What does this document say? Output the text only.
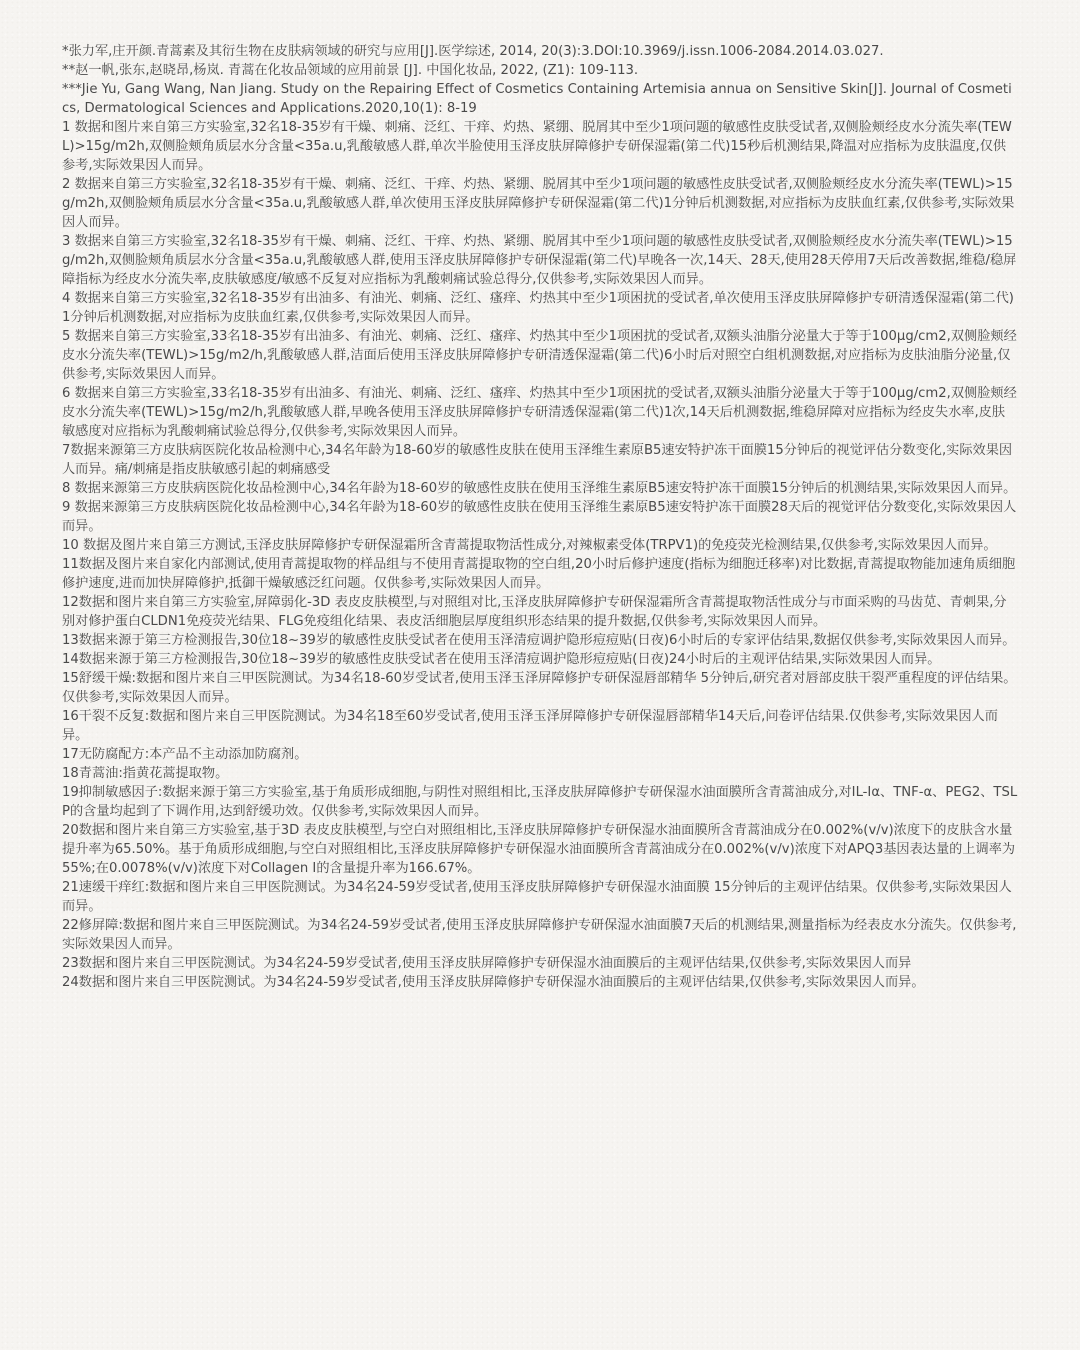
*张力军,庄开颜.青蒿素及其衍生物在皮肤病领域的研究与应用[J].医学综述, 2014, 20(3):3.DOI:10.3969/j.issn.1006-2084.2014.03.027.

**赵一帆,张东,赵晓昂,杨岚. 青蒿在化妆品领域的应用前景 [J]. 中国化妆品, 2022, (Z1): 109-113.

***Jie Yu, Gang Wang, Nan Jiang. Study on the Repairing Effect of Cosmetics Containing Artemisia annua on Sensitive Skin[J]. Journal of Cosmetics, Dermatological Sciences and Applications.2020,10(1): 8-19

1 数据和图片来自第三方实验室,32名18-35岁有干燥、刺痛、泛红、干痒、灼热、紧绷、脱屑其中至少1项问题的敏感性皮肤受试者,双侧脸颊经皮水分流失率(TEWL)>15g/m2h,双侧脸颊角质层水分含量<35a.u,乳酸敏感人群,单次半脸使用玉泽皮肤屏障修护专研保湿霜(第二代)15秒后机测结果,降温对应指标为皮肤温度,仅供参考,实际效果因人而异。

2 数据来自第三方实验室,32名18-35岁有干燥、刺痛、泛红、干痒、灼热、紧绷、脱屑其中至少1项问题的敏感性皮肤受试者,双侧脸颊经皮水分流失率(TEWL)>15g/m2h,双侧脸颊角质层水分含量<35a.u,乳酸敏感人群,单次使用玉泽皮肤屏障修护专研保湿霜(第二代)1分钟后机测数据,对应指标为皮肤血红素,仅供参考,实际效果因人而异。

3 数据来自第三方实验室,32名18-35岁有干燥、刺痛、泛红、干痒、灼热、紧绷、脱屑其中至少1项问题的敏感性皮肤受试者,双侧脸颊经皮水分流失率(TEWL)>15g/m2h,双侧脸颊角质层水分含量<35a.u,乳酸敏感人群,使用玉泽皮肤屏障修护专研保湿霜(第二代)早晚各一次,14天、28天,使用28天停用7天后改善数据,维稳/稳屏障指标为经皮水分流失率,皮肤敏感度/敏感不反复对应指标为乳酸刺痛试验总得分,仅供参考,实际效果因人而异。

4 数据来自第三方实验室,32名18-35岁有出油多、有油光、刺痛、泛红、瘙痒、灼热其中至少1项困扰的受试者,单次使用玉泽皮肤屏障修护专研清透保湿霜(第二代)1分钟后机测数据,对应指标为皮肤血红素,仅供参考,实际效果因人而异。

5 数据来自第三方实验室,33名18-35岁有出油多、有油光、刺痛、泛红、瘙痒、灼热其中至少1项困扰的受试者,双额头油脂分泌量大于等于100μg/cm2,双侧脸颊经皮水分流失率(TEWL)>15g/m2/h,乳酸敏感人群,洁面后使用玉泽皮肤屏障修护专研清透保湿霜(第二代)6小时后对照空白组机测数据,对应指标为皮肤油脂分泌量,仅供参考,实际效果因人而异。

6 数据来自第三方实验室,33名18-35岁有出油多、有油光、刺痛、泛红、瘙痒、灼热其中至少1项困扰的受试者,双额头油脂分泌量大于等于100μg/cm2,双侧脸颊经皮水分流失率(TEWL)>15g/m2/h,乳酸敏感人群,早晚各使用玉泽皮肤屏障修护专研清透保湿霜(第二代)1次,14天后机测数据,维稳屏障对应指标为经皮失水率,皮肤敏感度对应指标为乳酸刺痛试验总得分,仅供参考,实际效果因人而异。

7数据来源第三方皮肤病医院化妆品检测中心,34名年龄为18-60岁的敏感性皮肤在使用玉泽维生素原B5速安特护冻干面膜15分钟后的视觉评估分数变化,实际效果因人而异。痛/刺痛是指皮肤敏感引起的刺痛感受

8 数据来源第三方皮肤病医院化妆品检测中心,34名年龄为18-60岁的敏感性皮肤在使用玉泽维生素原B5速安特护冻干面膜15分钟后的机测结果,实际效果因人而异。

9 数据来源第三方皮肤病医院化妆品检测中心,34名年龄为18-60岁的敏感性皮肤在使用玉泽维生素原B5速安特护冻干面膜28天后的视觉评估分数变化,实际效果因人而异。

10 数据及图片来自第三方测试,玉泽皮肤屏障修护专研保湿霜所含青蒿提取物活性成分,对辣椒素受体(TRPV1)的免疫荧光检测结果,仅供参考,实际效果因人而异。

11数据及图片来自家化内部测试,使用青蒿提取物的样品组与不使用青蒿提取物的空白组,20小时后修护速度(指标为细胞迁移率)对比数据,青蒿提取物能加速角质细胞修护速度,进而加快屏障修护,抵御干燥敏感泛红问题。仅供参考,实际效果因人而异。

12数据和图片来自第三方实验室,屏障弱化-3D 表皮皮肤模型,与对照组对比,玉泽皮肤屏障修护专研保湿霜所含青蒿提取物活性成分与市面采购的马齿苋、青刺果,分别对修护蛋白CLDN1免疫荧光结果、FLG免疫组化结果、表皮活细胞层厚度组织形态结果的提升数据,仅供参考,实际效果因人而异。

13数据来源于第三方检测报告,30位18~39岁的敏感性皮肤受试者在使用玉泽清痘调护隐形痘痘贴(日夜)6小时后的专家评估结果,数据仅供参考,实际效果因人而异。

14数据来源于第三方检测报告,30位18~39岁的敏感性皮肤受试者在使用玉泽清痘调护隐形痘痘贴(日夜)24小时后的主观评估结果,实际效果因人而异。

15舒缓干燥:数据和图片来自三甲医院测试。为34名18-60岁受试者,使用玉泽玉泽屏障修护专研保湿唇部精华 5分钟后,研究者对唇部皮肤干裂严重程度的评估结果。仅供参考,实际效果因人而异。

16干裂不反复:数据和图片来自三甲医院测试。为34名18至60岁受试者,使用玉泽玉泽屏障修护专研保湿唇部精华14天后,问卷评估结果.仅供参考,实际效果因人而异。

17无防腐配方:本产品不主动添加防腐剂。

18青蒿油:指黄花蒿提取物。

19抑制敏感因子:数据来源于第三方实验室,基于角质形成细胞,与阴性对照组相比,玉泽皮肤屏障修护专研保湿水油面膜所含青蒿油成分,对IL-Iα、TNF-α、PEG2、TSLP的含量均起到了下调作用,达到舒缓功效。仅供参考,实际效果因人而异。

20数据和图片来自第三方实验室,基于3D 表皮皮肤模型,与空白对照组相比,玉泽皮肤屏障修护专研保湿水油面膜所含青蒿油成分在0.002%(v/v)浓度下的皮肤含水量提升率为65.50%。基于角质形成细胞,与空白对照组相比,玉泽皮肤屏障修护专研保湿水油面膜所含青蒿油成分在0.002%(v/v)浓度下对APQ3基因表达量的上调率为55%;在0.0078%(v/v)浓度下对Collagen Ⅰ的含量提升率为166.67%。

21速缓干痒红:数据和图片来自三甲医院测试。为34名24-59岁受试者,使用玉泽皮肤屏障修护专研保湿水油面膜 15分钟后的主观评估结果。仅供参考,实际效果因人而异。

22修屏障:数据和图片来自三甲医院测试。为34名24-59岁受试者,使用玉泽皮肤屏障修护专研保湿水油面膜7天后的机测结果,测量指标为经表皮水分流失。仅供参考,实际效果因人而异。

23数据和图片来自三甲医院测试。为34名24-59岁受试者,使用玉泽皮肤屏障修护专研保湿水油面膜后的主观评估结果,仅供参考,实际效果因人而异

24数据和图片来自三甲医院测试。为34名24-59岁受试者,使用玉泽皮肤屏障修护专研保湿水油面膜后的主观评估结果,仅供参考,实际效果因人而异。
